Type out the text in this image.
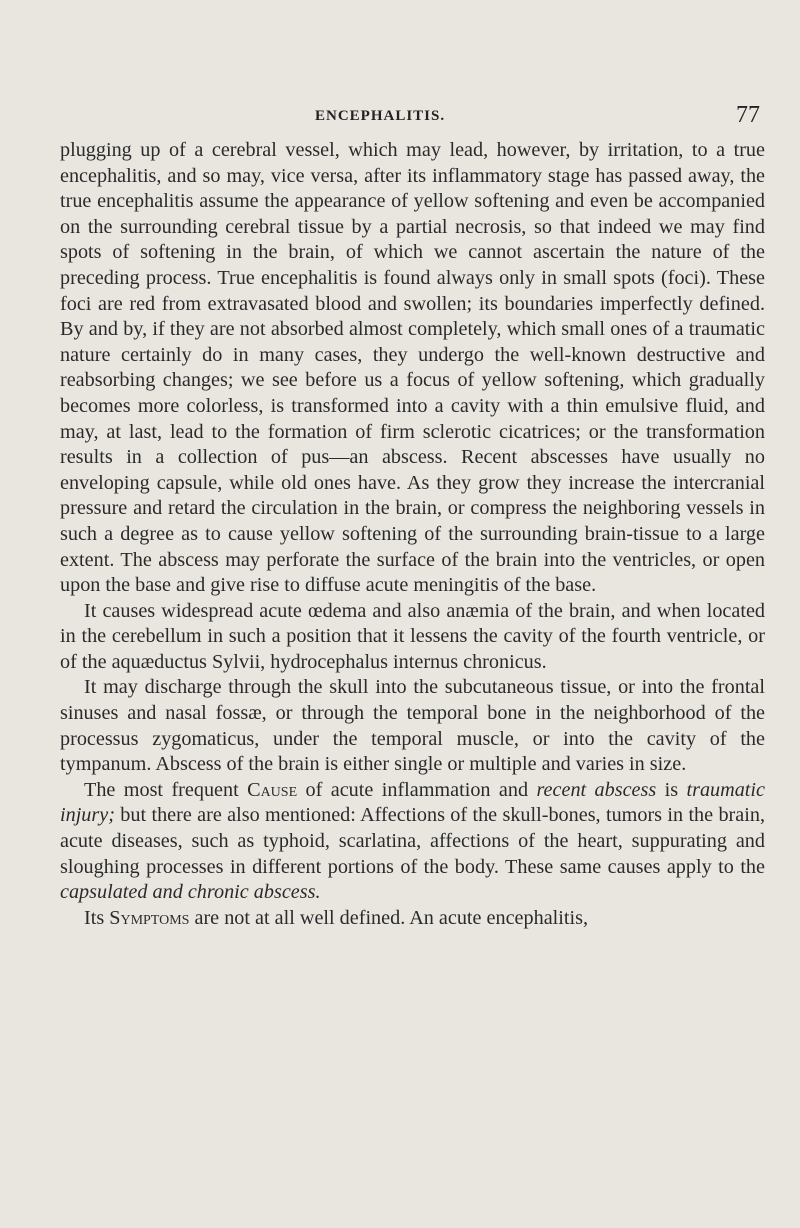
ENCEPHALITIS.	77

plugging up of a cerebral vessel, which may lead, however, by irritation, to a true encephalitis, and so may, vice versa, after its inflammatory stage has passed away, the true encephalitis assume the appearance of yellow softening and even be accompanied on the surrounding cerebral tissue by a partial necrosis, so that indeed we may find spots of softening in the brain, of which we cannot ascertain the nature of the preceding process. True encephalitis is found always only in small spots (foci). These foci are red from extravasated blood and swollen; its boundaries imperfectly defined. By and by, if they are not absorbed almost completely, which small ones of a traumatic nature certainly do in many cases, they undergo the well-known destructive and reabsorbing changes; we see before us a focus of yellow softening, which gradually becomes more colorless, is transformed into a cavity with a thin emulsive fluid, and may, at last, lead to the formation of firm sclerotic cicatrices; or the transformation results in a collection of pus—an abscess. Recent abscesses have usually no enveloping capsule, while old ones have. As they grow they increase the intercranial pressure and retard the circulation in the brain, or compress the neighboring vessels in such a degree as to cause yellow softening of the surrounding brain-tissue to a large extent. The abscess may perforate the surface of the brain into the ventricles, or open upon the base and give rise to diffuse acute meningitis of the base.

It causes widespread acute œdema and also anæmia of the brain, and when located in the cerebellum in such a position that it lessens the cavity of the fourth ventricle, or of the aquæductus Sylvii, hydrocephalus internus chronicus.

It may discharge through the skull into the subcutaneous tissue, or into the frontal sinuses and nasal fossæ, or through the temporal bone in the neighborhood of the processus zygomaticus, under the temporal muscle, or into the cavity of the tympanum. Abscess of the brain is either single or multiple and varies in size.

The most frequent Cause of acute inflammation and recent abscess is traumatic injury; but there are also mentioned: Affections of the skull-bones, tumors in the brain, acute diseases, such as typhoid, scarlatina, affections of the heart, suppurating and sloughing processes in different portions of the body. These same causes apply to the capsulated and chronic abscess.

Its Symptoms are not at all well defined. An acute encephalitis,
